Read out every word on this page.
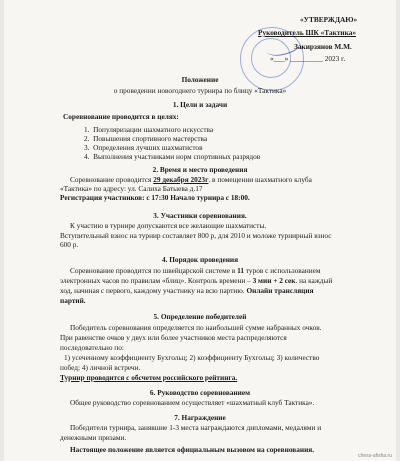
«УТВЕРЖДАЮ»
Руководитель ШК «Тактика»
Закирзянов М.М.
«___» _________ 2023 г.
Положение
о проведении новогоднего турнира по блицу «Тактика»
1. Цели и задачи
Соревнование проводится в целях:
1.  Популяризации шахматного искусства
2.  Повышения спортивного мастерства
3.  Определения лучших шахматистов
4.  Выполнения участниками норм спортивных разрядов
2. Время и место проведения
Соревнование проводится 29 декабря 2023г. в помещении шахматного клуба
«Тактика» по адресу: ул. Салиха Батыева д.17
Регистрация участников: с 17:30 Начало турнира с 18:00.
3. Участники соревнования.
К участию в турнире допускаются все желающие шахматисты.
Вступительный взнос на турнир составляет 800 р, для 2010 и моложе турнирный взнос
600 р.
4. Порядок проведения
Соревнование проводится по швейцарской системе в 11 туров с использованием
электронных часов по правилам «блиц». Контроль времени – 3 мин + 2 сек. на каждый
ход, начиная с первого, каждому участнику на всю партию. Онлайн трансляция
партий.
5. Определение победителей
Победитель соревнования определяется по наибольшей сумме набранных очков.
При равенстве очков у двух или более участников места распределяются
последовательно по:
1) усеченному коэффициенту Бухгольц; 2) коэффициенту Бухгольц; 3) количество
побед; 4) личной встречи.
Турнир проводится с обсчетом российского рейтинга.
6. Руководство соревнованием
Общее руководство соревнованием осуществляет «шахматный клуб Тактика».
7. Награждение
Победители турнира, занявшие 1-3 места награждаются дипломами, медалями и
денежными призами.
Настоящее положение является официальным вызовом на соревнования.
chess-afisha.ru
